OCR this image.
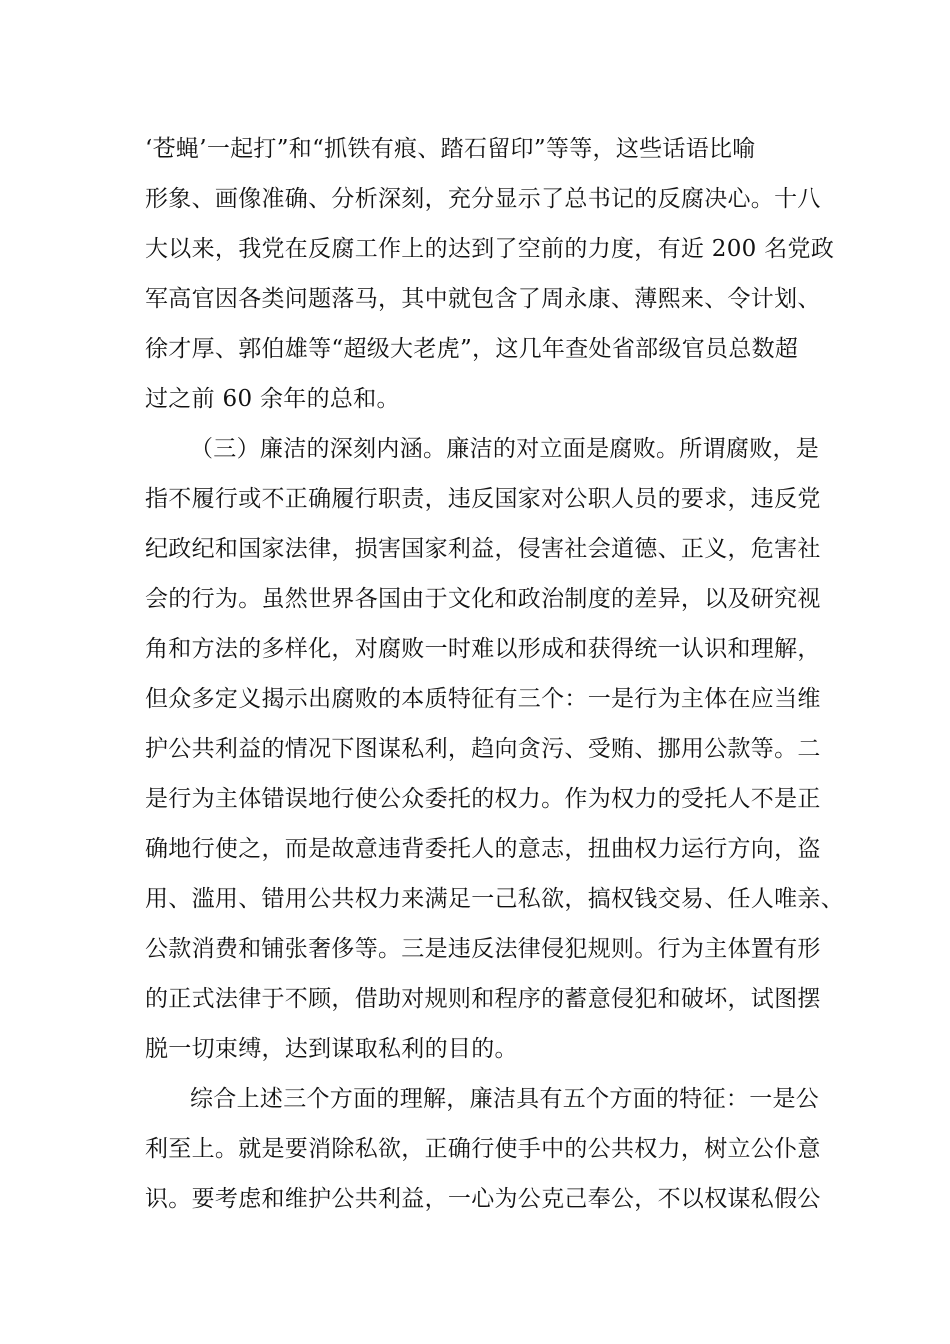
‘苍蝇’一起打”和“抓铁有痕、踏石留印”等等，这些话语比喻
形象、画像准确、分析深刻，充分显示了总书记的反腐决心。十八
大以来，我党在反腐工作上的达到了空前的力度，有近 200 名党政
军高官因各类问题落马，其中就包含了周永康、薄熙来、令计划、
徐才厚、郭伯雄等“超级大老虎”，这几年查处省部级官员总数超
过之前 60 余年的总和。
（三）廉洁的深刻内涵。廉洁的对立面是腐败。所谓腐败，是
指不履行或不正确履行职责，违反国家对公职人员的要求，违反党
纪政纪和国家法律，损害国家利益，侵害社会道德、正义，危害社
会的行为。虽然世界各国由于文化和政治制度的差异，以及研究视
角和方法的多样化，对腐败一时难以形成和获得统一认识和理解，
但众多定义揭示出腐败的本质特征有三个：一是行为主体在应当维
护公共利益的情况下图谋私利，趋向贪污、受贿、挪用公款等。二
是行为主体错误地行使公众委托的权力。作为权力的受托人不是正
确地行使之，而是故意违背委托人的意志，扭曲权力运行方向，盗
用、滥用、错用公共权力来满足一己私欲，搞权钱交易、任人唯亲、
公款消费和铺张奢侈等。三是违反法律侵犯规则。行为主体置有形
的正式法律于不顾，借助对规则和程序的蓄意侵犯和破坏，试图摆
脱一切束缚，达到谋取私利的目的。
综合上述三个方面的理解，廉洁具有五个方面的特征：一是公
利至上。就是要消除私欲，正确行使手中的公共权力，树立公仆意
识。要考虑和维护公共利益，一心为公克己奉公，不以权谋私假公
